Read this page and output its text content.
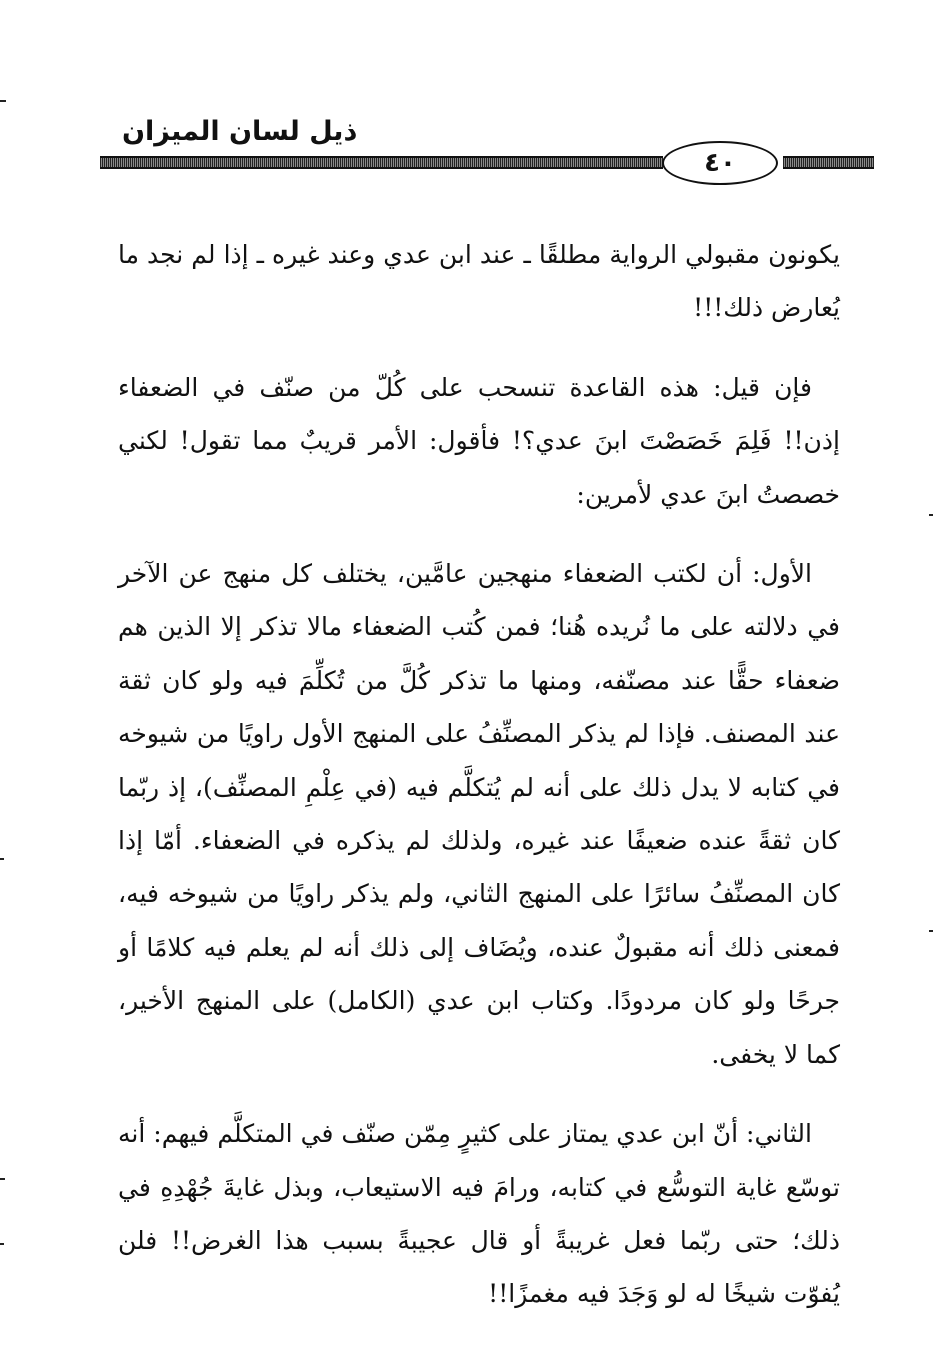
ذيل لسان الميزان
٤٠

يكونون مقبولي الرواية مطلقًا ـ عند ابن عدي وعند غيره ـ إذا لم نجد ما يُعارض ذلك!!!

فإن قيل: هذه القاعدة تنسحب على كُلّ من صنّف في الضعفاء إذن!! فَلِمَ خَصَصْتَ ابنَ عدي؟! فأقول: الأمر قريبٌ مما تقول! لكني خصصتُ ابنَ عدي لأمرين:

الأول: أن لكتب الضعفاء منهجين عامَّين، يختلف كل منهج عن الآخر في دلالته على ما نُريده هُنا؛ فمن كُتب الضعفاء مالا تذكر إلا الذين هم ضعفاء حقًّا عند مصنّفه، ومنها ما تذكر كُلَّ من تُكلِّمَ فيه ولو كان ثقة عند المصنف. فإذا لم يذكر المصنِّفُ على المنهج الأول راويًا من شيوخه في كتابه لا يدل ذلك على أنه لم يُتكلَّم فيه (في عِلْمِ المصنِّف)، إذ ربّما كان ثقةً عنده ضعيفًا عند غيره، ولذلك لم يذكره في الضعفاء. أمّا إذا كان المصنِّفُ سائرًا على المنهج الثاني، ولم يذكر راويًا من شيوخه فيه، فمعنى ذلك أنه مقبولٌ عنده، ويُضَاف إلى ذلك أنه لم يعلم فيه كلامًا أو جرحًا ولو كان مردودًا. وكتاب ابن عدي (الكامل) على المنهج الأخير، كما لا يخفى.

الثاني: أنّ ابن عدي يمتاز على كثيرٍ مِمّن صنّف في المتكلَّم فيهم: أنه توسّع غاية التوسُّع في كتابه، ورامَ فيه الاستيعاب، وبذل غايةَ جُهْدِهِ في ذلك؛ حتى ربّما فعل غريبةً أو قال عجيبةً بسبب هذا الغرض!! فلن يُفوّت شيخًا له لو وَجَدَ فيه مغمزًا!!
